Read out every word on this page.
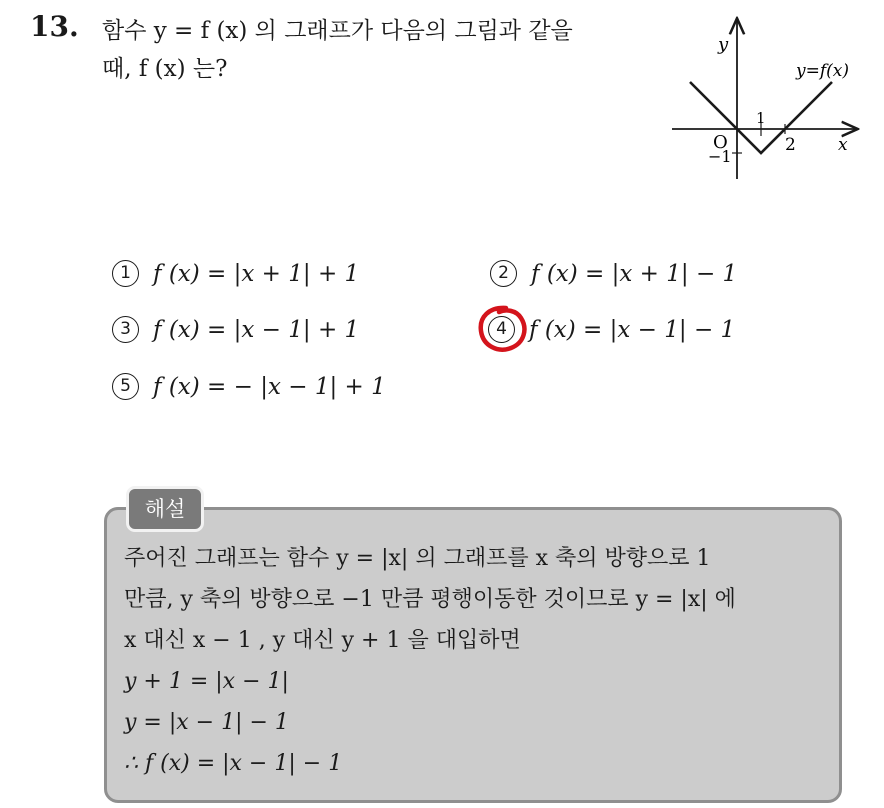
13. 함수 y = f (x) 의 그래프가 다음의 그림과 같을
때, f (x) 는?
y
y=f(x)
1
O
−1
2 x
1 f (x) = |x + 1| + 1	2 f (x) = |x + 1| − 1
3 f (x) = |x − 1| + 1	4 f (x) = |x − 1| − 1
5 f (x) = − |x − 1| + 1
해설
주어진 그래프는 함수 y = |x| 의 그래프를 x 축의 방향으로 1
만큼, y 축의 방향으로 −1 만큼 평행이동한 것이므로 y = |x| 에
x 대신 x − 1 , y 대신 y + 1 을 대입하면
y + 1 = |x − 1|
y = |x − 1| − 1
∴ f (x) = |x − 1| − 1
